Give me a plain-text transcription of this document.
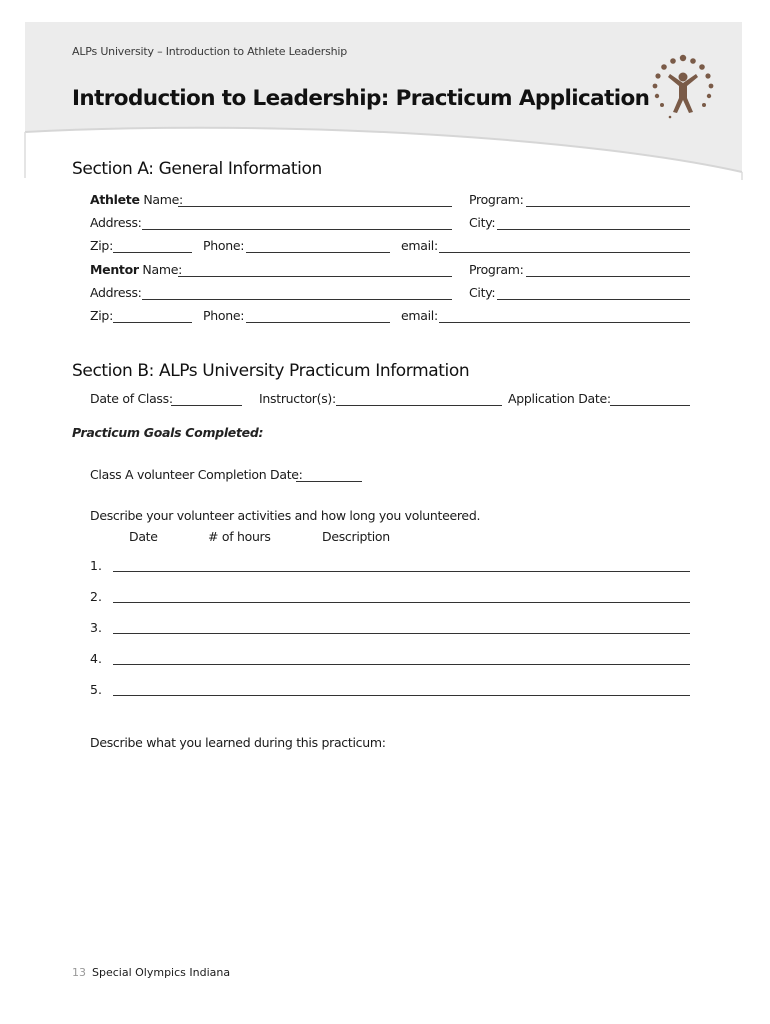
ALPs University – Introduction to Athlete Leadership
Introduction to Leadership: Practicum Application
Section A: General Information
Athlete Name:	Program:
Address:	City:
Zip:	Phone:	email:
Mentor Name:	Program:
Address:	City:
Zip:	Phone:	email:
Section B: ALPs University Practicum Information
Date of Class:	Instructor(s):	Application Date:
Practicum Goals Completed:
Class A volunteer Completion Date:
Describe your volunteer activities and how long you volunteered.
Date	# of hours	Description
1.
2.
3.
4.
5.
Describe what you learned during this practicum:
13 Special Olympics Indiana
